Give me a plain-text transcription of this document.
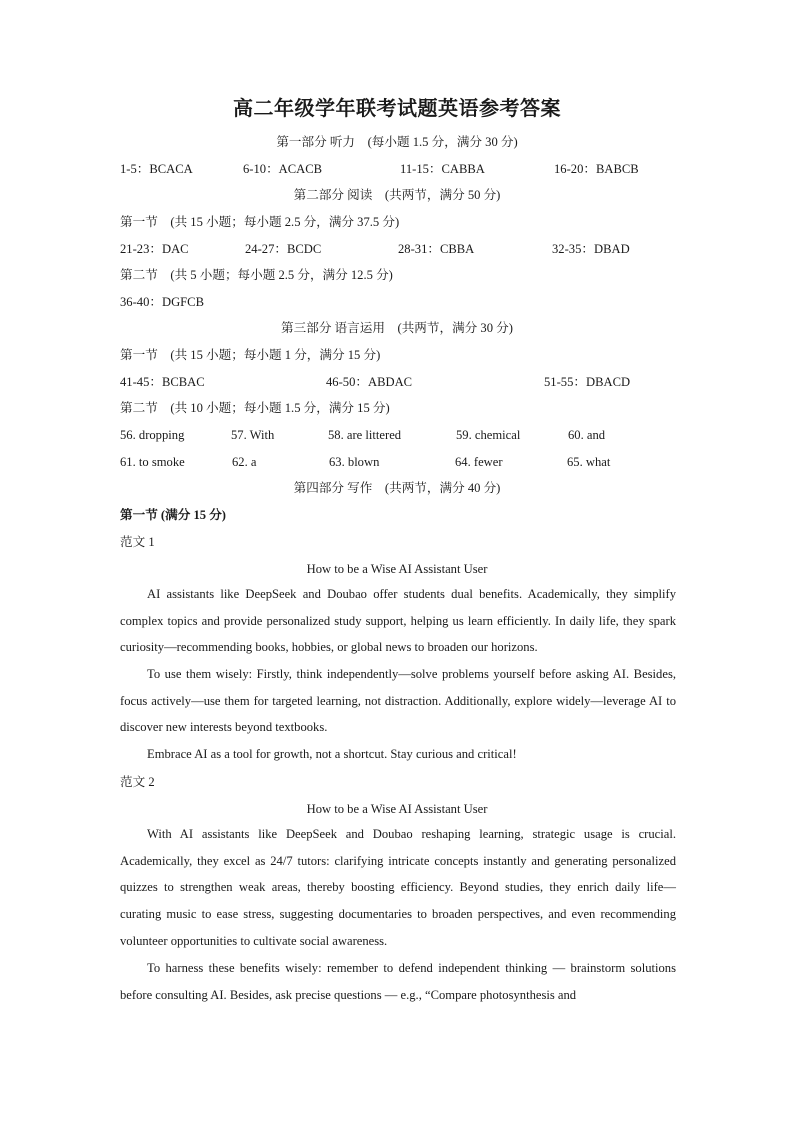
高二年级学年联考试题英语参考答案
第一部分 听力　(每小题 1.5 分，满分 30 分)
1-5：BCACA	6-10：ACACB	11-15：CABBA	16-20：BABCB
第二部分 阅读　(共两节，满分 50 分)
第一节　(共 15 小题；每小题 2.5 分，满分 37.5 分)
21-23：DAC	24-27：BCDC	28-31：CBBA	32-35：DBAD
第二节　(共 5 小题；每小题 2.5 分，满分 12.5 分)
36-40：DGFCB
第三部分 语言运用　(共两节，满分 30 分)
第一节　(共 15 小题；每小题 1 分，满分 15 分)
41-45：BCBAC	46-50：ABDAC	51-55：DBACD
第二节　(共 10 小题；每小题 1.5 分，满分 15 分)
56. dropping	57. With	58. are littered	59. chemical	60. and
61. to smoke	62. a	63. blown	64. fewer	65. what
第四部分 写作　(共两节，满分 40 分)
第一节 (满分 15 分)
范文 1
How to be a Wise AI Assistant User
AI assistants like DeepSeek and Doubao offer students dual benefits. Academically, they simplify complex topics and provide personalized study support, helping us learn efficiently. In daily life, they spark curiosity—recommending books, hobbies, or global news to broaden our horizons.
To use them wisely: Firstly, think independently—solve problems yourself before asking AI. Besides, focus actively—use them for targeted learning, not distraction. Additionally, explore widely—leverage AI to discover new interests beyond textbooks.
Embrace AI as a tool for growth, not a shortcut. Stay curious and critical!
范文 2
How to be a Wise AI Assistant User
With AI assistants like DeepSeek and Doubao reshaping learning, strategic usage is crucial. Academically, they excel as 24/7 tutors: clarifying intricate concepts instantly and generating personalized quizzes to strengthen weak areas, thereby boosting efficiency. Beyond studies, they enrich daily life—curating music to ease stress, suggesting documentaries to broaden perspectives, and even recommending volunteer opportunities to cultivate social awareness.
To harness these benefits wisely: remember to defend independent thinking — brainstorm solutions before consulting AI. Besides, ask precise questions — e.g., “Compare photosynthesis and
